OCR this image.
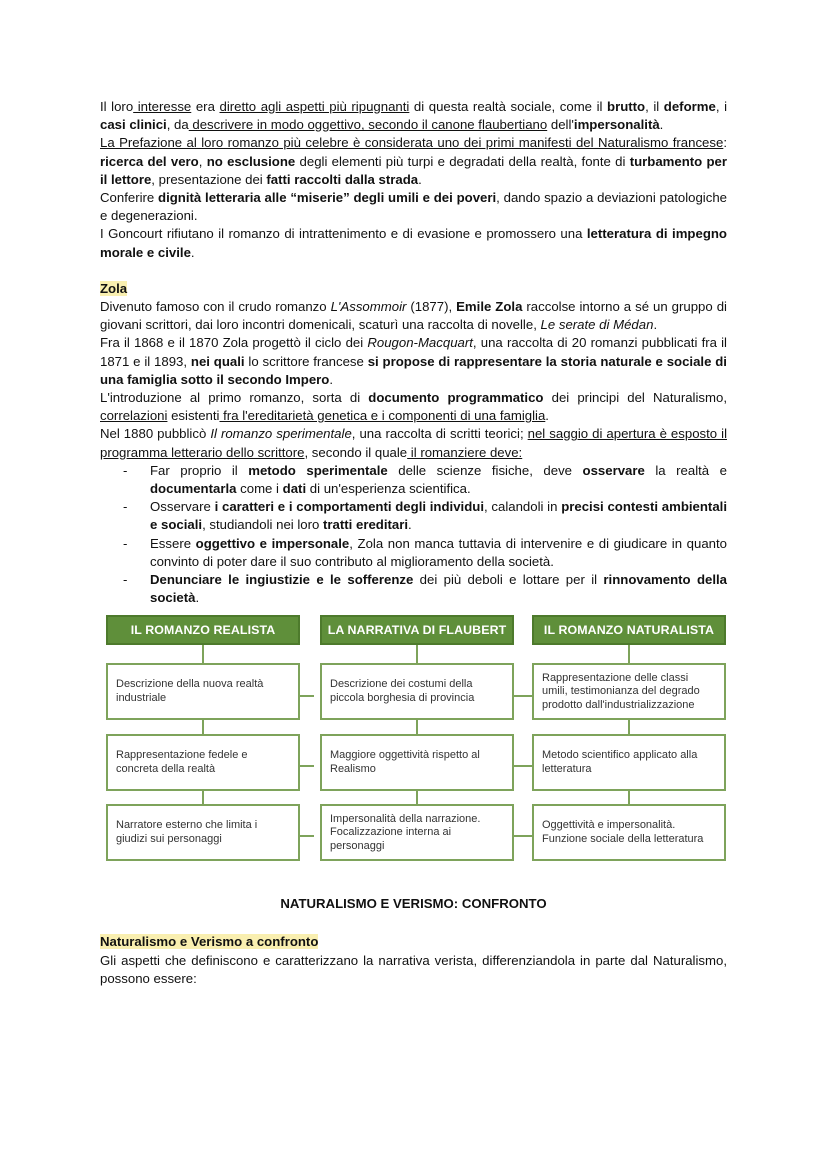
Il loro interesse era diretto agli aspetti più ripugnanti di questa realtà sociale, come il brutto, il deforme, i casi clinici, da descrivere in modo oggettivo, secondo il canone flaubertiano dell'impersonalità.

La Prefazione al loro romanzo più celebre è considerata uno dei primi manifesti del Naturalismo francese: ricerca del vero, no esclusione degli elementi più turpi e degradati della realtà, fonte di turbamento per il lettore, presentazione dei fatti raccolti dalla strada.

Conferire dignità letteraria alle “miserie” degli umili e dei poveri, dando spazio a deviazioni patologiche e degenerazioni.

I Goncourt rifiutano il romanzo di intrattenimento e di evasione e promossero una letteratura di impegno morale e civile.

Zola

Divenuto famoso con il crudo romanzo L'Assommoir (1877), Emile Zola raccolse intorno a sé un gruppo di giovani scrittori, dai loro incontri domenicali, scaturì una raccolta di novelle, Le serate di Médan.

Fra il 1868 e il 1870 Zola progettò il ciclo dei Rougon-Macquart, una raccolta di 20 romanzi pubblicati fra il 1871 e il 1893, nei quali lo scrittore francese si propose di rappresentare la storia naturale e sociale di una famiglia sotto il secondo Impero.

L'introduzione al primo romanzo, sorta di documento programmatico dei principi del Naturalismo, correlazioni esistenti fra l'ereditarietà genetica e i componenti di una famiglia.

Nel 1880 pubblicò Il romanzo sperimentale, una raccolta di scritti teorici; nel saggio di apertura è esposto il programma letterario dello scrittore, secondo il quale il romanziere deve:

- Far proprio il metodo sperimentale delle scienze fisiche, deve osservare la realtà e documentarla come i dati di un'esperienza scientifica.
- Osservare i caratteri e i comportamenti degli individui, calandoli in precisi contesti ambientali e sociali, studiandoli nei loro tratti ereditari.
- Essere oggettivo e impersonale, Zola non manca tuttavia di intervenire e di giudicare in quanto convinto di poter dare il suo contributo al miglioramento della società.
- Denunciare le ingiustizie e le sofferenze dei più deboli e lottare per il rinnovamento della società.
IL ROMANZO REALISTA
Descrizione della nuova realtà industriale
Rappresentazione fedele e concreta della realtà
Narratore esterno che limita i giudizi sui personaggi
LA NARRATIVA DI FLAUBERT
Descrizione dei costumi della piccola borghesia di provincia
Maggiore oggettività rispetto al Realismo
Impersonalità della narrazione. Focalizzazione interna ai personaggi
IL ROMANZO NATURALISTA
Rappresentazione delle classi umili, testimonianza del degrado prodotto dall'industrializzazione
Metodo scientifico applicato alla letteratura
Oggettività e impersonalità. Funzione sociale della letteratura

NATURALISMO E VERISMO: CONFRONTO

Naturalismo e Verismo a confronto

Gli aspetti che definiscono e caratterizzano la narrativa verista, differenziandola in parte dal Naturalismo, possono essere:
